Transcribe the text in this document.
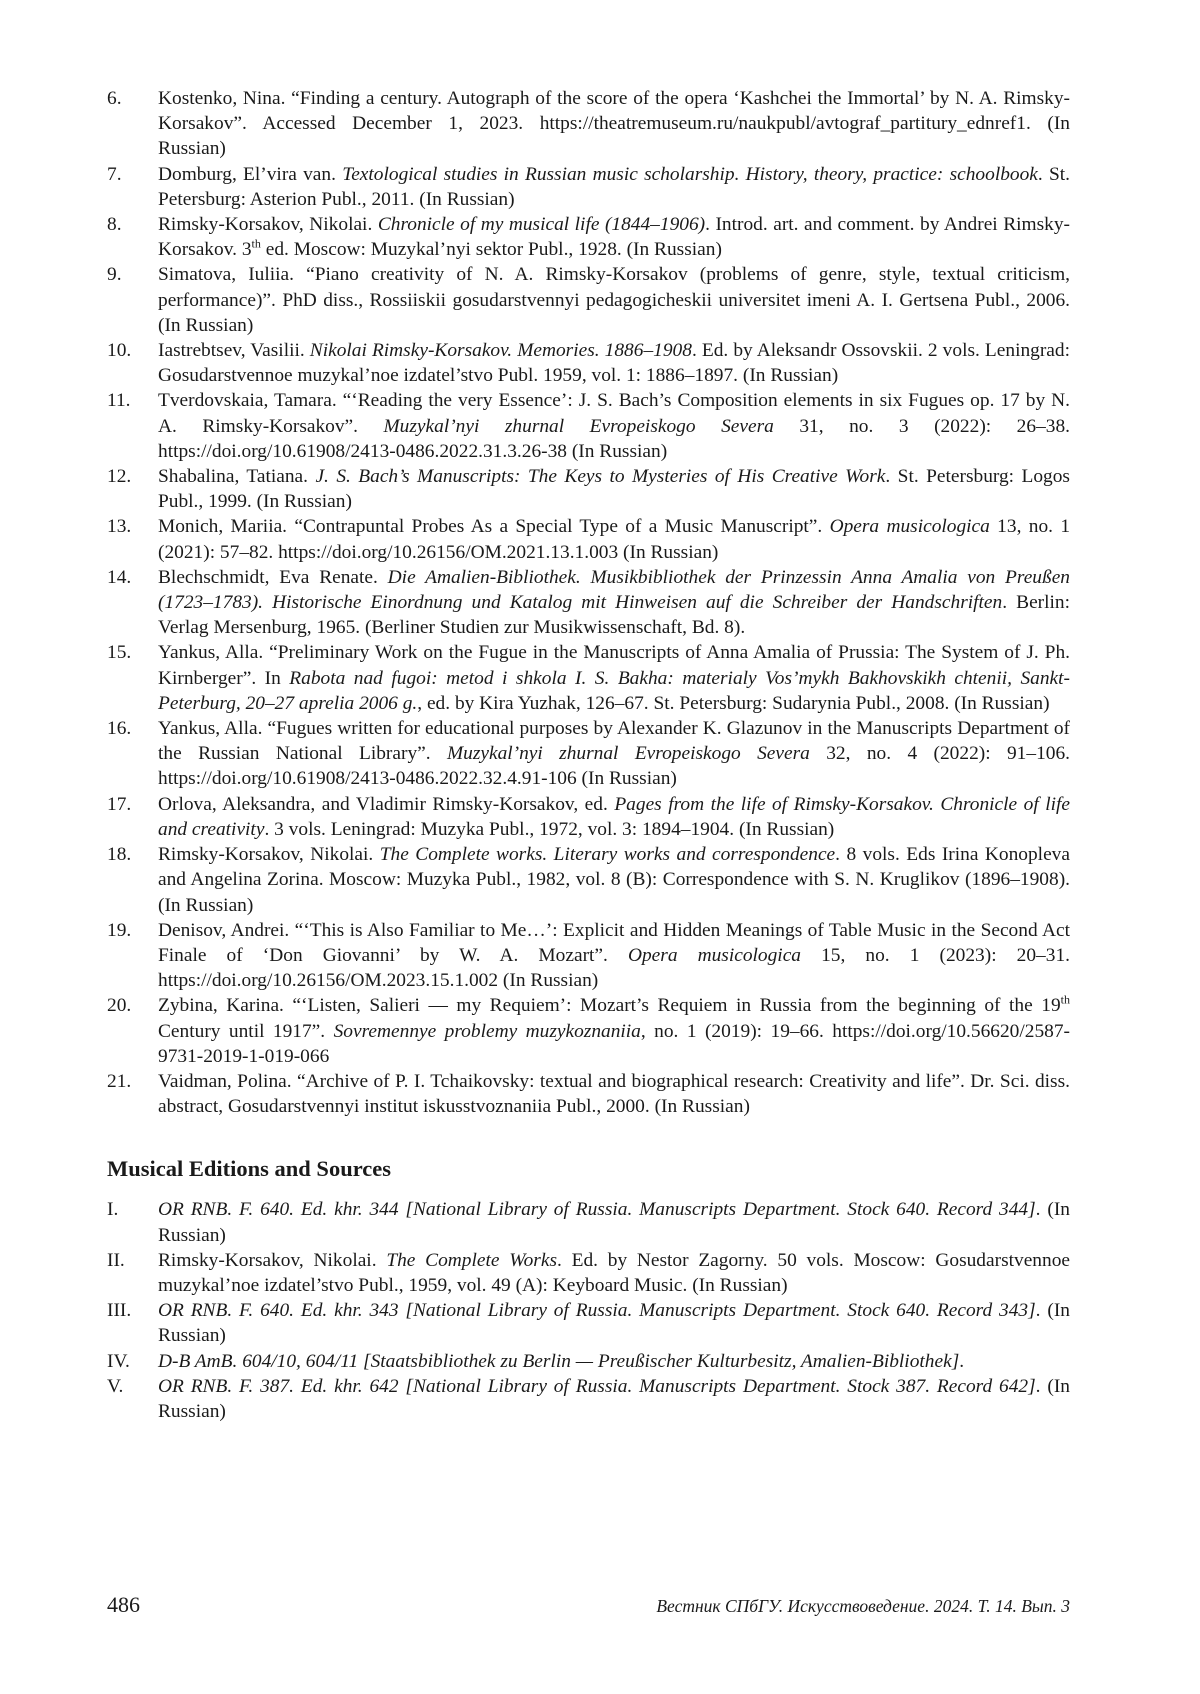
6.	Kostenko, Nina. “Finding a century. Autograph of the score of the opera ‘Kashchei the Immortal’ by N. A. Rimsky-Korsakov”. Accessed December 1, 2023. https://theatremuseum.ru/naukpubl/avtograf_partitury_ednref1. (In Russian)
7.	Domburg, El’vira van. Textological studies in Russian music scholarship. History, theory, practice: schoolbook. St. Petersburg: Asterion Publ., 2011. (In Russian)
8.	Rimsky-Korsakov, Nikolai. Chronicle of my musical life (1844–1906). Introd. art. and comment. by Andrei Rimsky-Korsakov. 3th ed. Moscow: Muzykal’nyi sektor Publ., 1928. (In Russian)
9.	Simatova, Iuliia. “Piano creativity of N. A. Rimsky-Korsakov (problems of genre, style, textual criticism, performance)”. PhD diss., Rossiiskii gosudarstvennyi pedagogicheskii universitet imeni A. I. Gertsena Publ., 2006. (In Russian)
10.	Iastrebtsev, Vasilii. Nikolai Rimsky-Korsakov. Memories. 1886–1908. Ed. by Aleksandr Ossovskii. 2 vols. Leningrad: Gosudarstvennoe muzykal’noe izdatel’stvo Publ. 1959, vol. 1: 1886–1897. (In Russian)
11.	Tverdovskaia, Tamara. “‘Reading the very Essence’: J. S. Bach’s Composition elements in six Fugues op. 17 by N. A. Rimsky-Korsakov”. Muzykal’nyi zhurnal Evropeiskogo Severa 31, no. 3 (2022): 26–38. https://doi.org/10.61908/2413-0486.2022.31.3.26-38 (In Russian)
12.	Shabalina, Tatiana. J. S. Bach’s Manuscripts: The Keys to Mysteries of His Creative Work. St. Petersburg: Logos Publ., 1999. (In Russian)
13.	Monich, Mariia. “Contrapuntal Probes As a Special Type of a Music Manuscript”. Opera musicologica 13, no. 1 (2021): 57–82. https://doi.org/10.26156/OM.2021.13.1.003 (In Russian)
14.	Blechschmidt, Eva Renate. Die Amalien-Bibliothek. Musikbibliothek der Prinzessin Anna Amalia von Preußen (1723–1783). Historische Einordnung und Katalog mit Hinweisen auf die Schreiber der Handschriften. Berlin: Verlag Mersenburg, 1965. (Berliner Studien zur Musikwissenschaft, Bd. 8).
15.	Yankus, Alla. “Preliminary Work on the Fugue in the Manuscripts of Anna Amalia of Prussia: The System of J. Ph. Kirnberger”. In Rabota nad fugoi: metod i shkola I. S. Bakha: materialy Vos’mykh Bakhovskikh chtenii, Sankt-Peterburg, 20–27 aprelia 2006 g., ed. by Kira Yuzhak, 126–67. St. Petersburg: Sudarynia Publ., 2008. (In Russian)
16.	Yankus, Alla. “Fugues written for educational purposes by Alexander K. Glazunov in the Manuscripts Department of the Russian National Library”. Muzykal’nyi zhurnal Evropeiskogo Severa 32, no. 4 (2022): 91–106. https://doi.org/10.61908/2413-0486.2022.32.4.91-106 (In Russian)
17.	Orlova, Aleksandra, and Vladimir Rimsky-Korsakov, ed. Pages from the life of Rimsky-Korsakov. Chronicle of life and creativity. 3 vols. Leningrad: Muzyka Publ., 1972, vol. 3: 1894–1904. (In Russian)
18.	Rimsky-Korsakov, Nikolai. The Complete works. Literary works and correspondence. 8 vols. Eds Irina Konopleva and Angelina Zorina. Moscow: Muzyka Publ., 1982, vol. 8 (B): Correspondence with S. N. Kruglikov (1896–1908). (In Russian)
19.	Denisov, Andrei. “‘This is Also Familiar to Me…’: Explicit and Hidden Meanings of Table Music in the Second Act Finale of ‘Don Giovanni’ by W. A. Mozart”. Opera musicologica 15, no. 1 (2023): 20–31. https://doi.org/10.26156/OM.2023.15.1.002 (In Russian)
20.	Zybina, Karina. “‘Listen, Salieri — my Requiem’: Mozart’s Requiem in Russia from the beginning of the 19th Century until 1917”. Sovremennye problemy muzykoznaniia, no. 1 (2019): 19–66. https://doi.org/10.56620/2587-9731-2019-1-019-066
21.	Vaidman, Polina. “Archive of P. I. Tchaikovsky: textual and biographical research: Creativity and life”. Dr. Sci. diss. abstract, Gosudarstvennyi institut iskusstvoznaniia Publ., 2000. (In Russian)
Musical Editions and Sources
I.	OR RNB. F. 640. Ed. khr. 344 [National Library of Russia. Manuscripts Department. Stock 640. Record 344]. (In Russian)
II.	Rimsky-Korsakov, Nikolai. The Complete Works. Ed. by Nestor Zagorny. 50 vols. Moscow: Gosudarstvennoe muzykal’noe izdatel’stvo Publ., 1959, vol. 49 (A): Keyboard Music. (In Russian)
III.	OR RNB. F. 640. Ed. khr. 343 [National Library of Russia. Manuscripts Department. Stock 640. Record 343]. (In Russian)
IV.	D-B AmB. 604/10, 604/11 [Staatsbibliothek zu Berlin — Preußischer Kulturbesitz, Amalien-Bibliothek].
V.	OR RNB. F. 387. Ed. khr. 642 [National Library of Russia. Manuscripts Department. Stock 387. Record 642]. (In Russian)
486	Вестник СПбГУ. Искусствоведение. 2024. Т. 14. Вып. 3
